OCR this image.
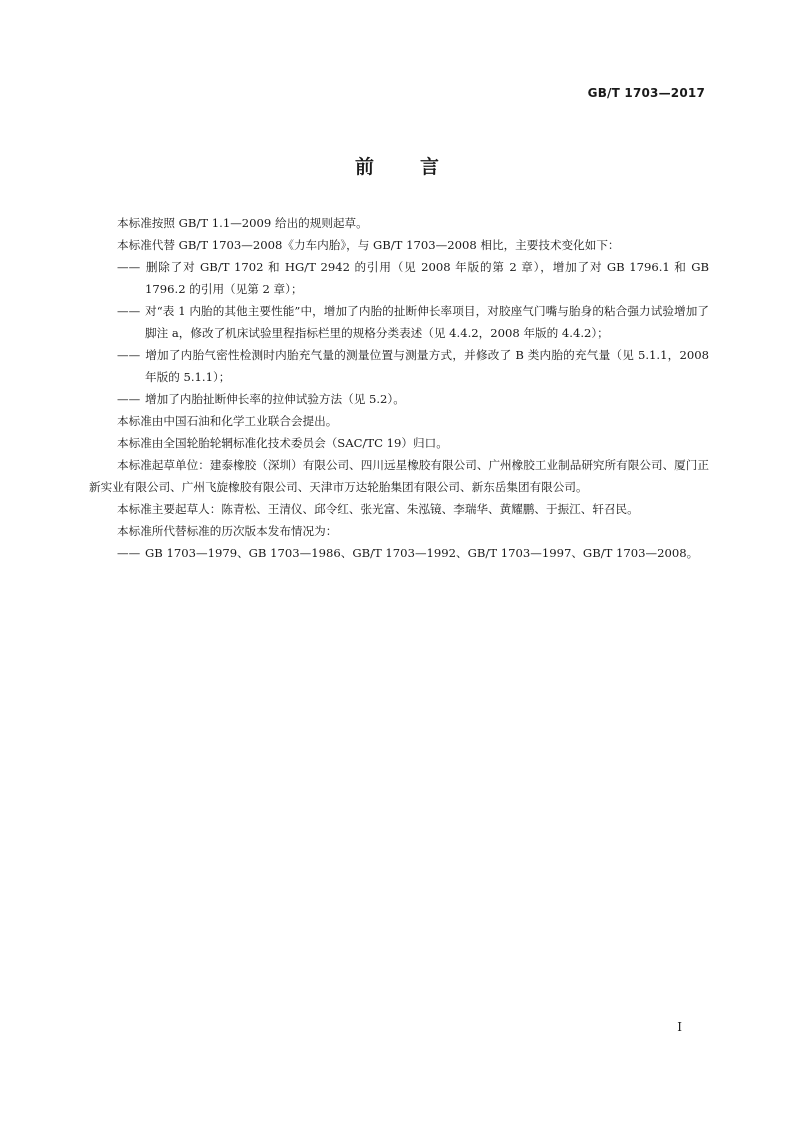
GB/T 1703—2017
前 言

本标准按照 GB/T 1.1—2009 给出的规则起草。

本标准代替 GB/T 1703—2008《力车内胎》，与 GB/T 1703—2008 相比，主要技术变化如下：

—— 删除了对 GB/T 1702 和 HG/T 2942 的引用（见 2008 年版的第 2 章），增加了对 GB 1796.1 和 GB 1796.2 的引用（见第 2 章）；

—— 对“表 1 内胎的其他主要性能”中，增加了内胎的扯断伸长率项目，对胶座气门嘴与胎身的粘合强力试验增加了脚注 a，修改了机床试验里程指标栏里的规格分类表述（见 4.4.2，2008 年版的 4.4.2）；

—— 增加了内胎气密性检测时内胎充气量的测量位置与测量方式，并修改了 B 类内胎的充气量（见 5.1.1，2008 年版的 5.1.1）；

—— 增加了内胎扯断伸长率的拉伸试验方法（见 5.2）。

本标准由中国石油和化学工业联合会提出。

本标准由全国轮胎轮辋标准化技术委员会（SAC/TC 19）归口。

本标准起草单位：建泰橡胶（深圳）有限公司、四川远星橡胶有限公司、广州橡胶工业制品研究所有限公司、厦门正新实业有限公司、广州飞旋橡胶有限公司、天津市万达轮胎集团有限公司、新东岳集团有限公司。

本标准主要起草人：陈青松、王清仪、邱令红、张光富、朱泓镜、李瑞华、黄耀鹏、于振江、轩召民。

本标准所代替标准的历次版本发布情况为：

—— GB 1703—1979、GB 1703—1986、GB/T 1703—1992、GB/T 1703—1997、GB/T 1703—2008。

I
